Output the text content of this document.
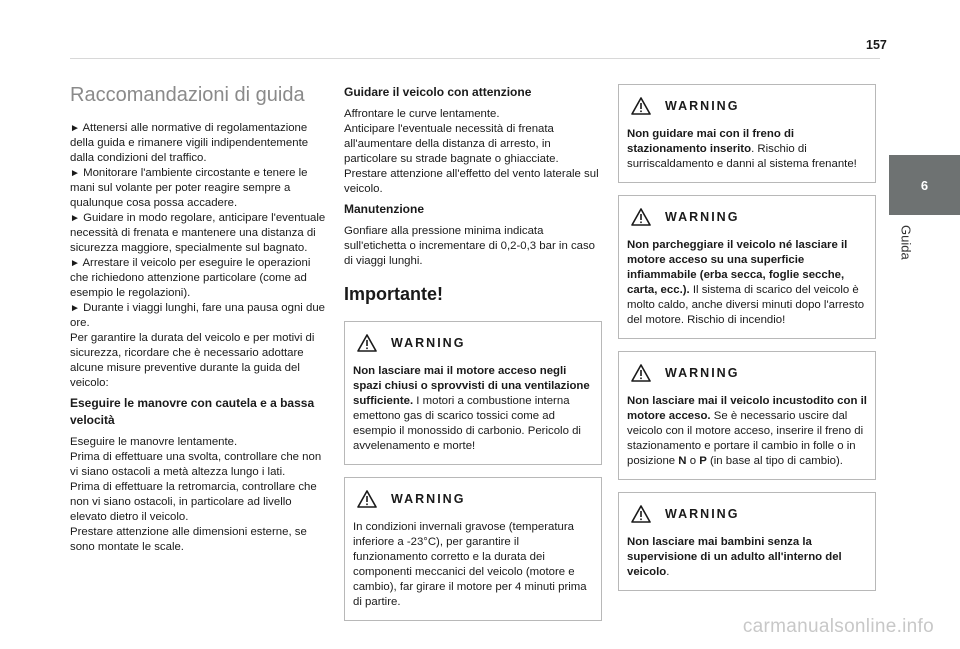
157
6
Guida
Raccomandazioni di guida

► Attenersi alle normative di regolamentazione della guida e rimanere vigili indipendentemente dalla condizioni del traffico.

► Monitorare l'ambiente circostante e tenere le mani sul volante per poter reagire sempre a qualunque cosa possa accadere.

► Guidare in modo regolare, anticipare l'eventuale necessità di frenata e mantenere una distanza di sicurezza maggiore, specialmente sul bagnato.

► Arrestare il veicolo per eseguire le operazioni che richiedono attenzione particolare (come ad esempio le regolazioni).

► Durante i viaggi lunghi, fare una pausa ogni due ore.

Per garantire la durata del veicolo e per motivi di sicurezza, ricordare che è necessario adottare alcune misure preventive durante la guida del veicolo:

Eseguire le manovre con cautela e a bassa velocità

Eseguire le manovre lentamente.

Prima di effettuare una svolta, controllare che non vi siano ostacoli a metà altezza lungo i lati.

Prima di effettuare la retromarcia, controllare che non vi siano ostacoli, in particolare ad livello elevato dietro il veicolo.

Prestare attenzione alle dimensioni esterne, se sono montate le scale.

Guidare il veicolo con attenzione

Affrontare le curve lentamente.

Anticipare l'eventuale necessità di frenata all'aumentare della distanza di arresto, in particolare su strade bagnate o ghiacciate.

Prestare attenzione all'effetto del vento laterale sul veicolo.

Manutenzione

Gonfiare alla pressione minima indicata sull'etichetta o incrementare di 0,2-0,3 bar in caso di viaggi lunghi.

Importante!
WARNING

Non lasciare mai il motore acceso negli spazi chiusi o sprovvisti di una ventilazione sufficiente. I motori a combustione interna emettono gas di scarico tossici come ad esempio il monossido di carbonio. Pericolo di avvelenamento e morte!

WARNING

In condizioni invernali gravose (temperatura inferiore a -23°C), per garantire il funzionamento corretto e la durata dei componenti meccanici del veicolo (motore e cambio), far girare il motore per 4 minuti prima di partire.

WARNING

Non guidare mai con il freno di stazionamento inserito. Rischio di surriscaldamento e danni al sistema frenante!

WARNING

Non parcheggiare il veicolo né lasciare il motore acceso su una superficie infiammabile (erba secca, foglie secche, carta, ecc.). Il sistema di scarico del veicolo è molto caldo, anche diversi minuti dopo l'arresto del motore. Rischio di incendio!

WARNING

Non lasciare mai il veicolo incustodito con il motore acceso. Se è necessario uscire dal veicolo con il motore acceso, inserire il freno di stazionamento e portare il cambio in folle o in posizione N o P (in base al tipo di cambio).

WARNING

Non lasciare mai bambini senza la supervisione di un adulto all'interno del veicolo.

carmanualsonline.info
